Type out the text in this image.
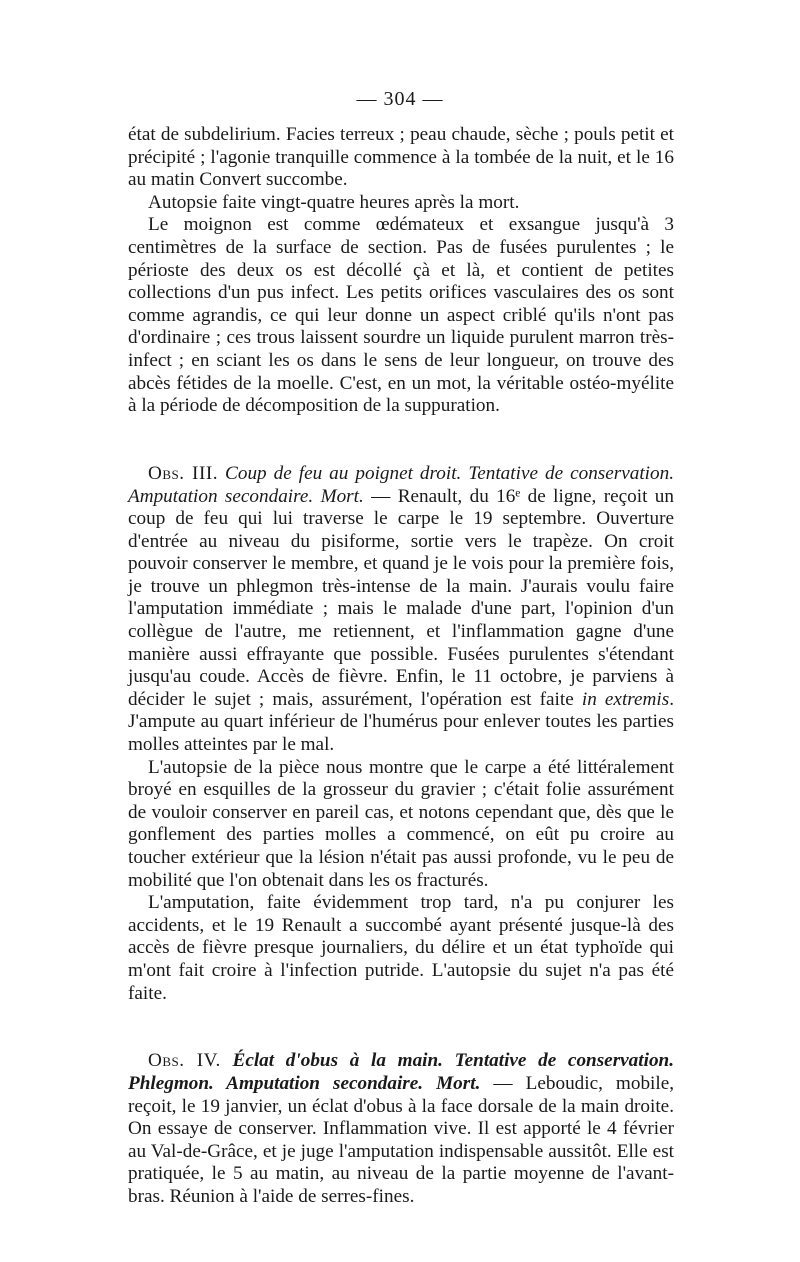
— 304 —

état de subdelirium. Facies terreux ; peau chaude, sèche ; pouls petit et précipité ; l'agonie tranquille commence à la tombée de la nuit, et le 16 au matin Convert succombe.

Autopsie faite vingt-quatre heures après la mort.

Le moignon est comme œdémateux et exsangue jusqu'à 3 centimètres de la surface de section. Pas de fusées purulentes ; le périoste des deux os est décollé çà et là, et contient de petites collections d'un pus infect. Les petits orifices vasculaires des os sont comme agrandis, ce qui leur donne un aspect criblé qu'ils n'ont pas d'ordinaire ; ces trous laissent sourdre un liquide purulent marron très-infect ; en sciant les os dans le sens de leur longueur, on trouve des abcès fétides de la moelle. C'est, en un mot, la véritable ostéo-myélite à la période de décomposition de la suppuration.

Obs. III. Coup de feu au poignet droit. Tentative de conservation. Amputation secondaire. Mort. — Renault, du 16ᵉ de ligne, reçoit un coup de feu qui lui traverse le carpe le 19 septembre. Ouverture d'entrée au niveau du pisiforme, sortie vers le trapèze. On croit pouvoir conserver le membre, et quand je le vois pour la première fois, je trouve un phlegmon très-intense de la main. J'aurais voulu faire l'amputation immédiate ; mais le malade d'une part, l'opinion d'un collègue de l'autre, me retiennent, et l'inflammation gagne d'une manière aussi effrayante que possible. Fusées purulentes s'étendant jusqu'au coude. Accès de fièvre. Enfin, le 11 octobre, je parviens à décider le sujet ; mais, assurément, l'opération est faite in extremis. J'ampute au quart inférieur de l'humérus pour enlever toutes les parties molles atteintes par le mal.

L'autopsie de la pièce nous montre que le carpe a été littéralement broyé en esquilles de la grosseur du gravier ; c'était folie assurément de vouloir conserver en pareil cas, et notons cependant que, dès que le gonflement des parties molles a commencé, on eût pu croire au toucher extérieur que la lésion n'était pas aussi profonde, vu le peu de mobilité que l'on obtenait dans les os fracturés.

L'amputation, faite évidemment trop tard, n'a pu conjurer les accidents, et le 19 Renault a succombé ayant présenté jusque-là des accès de fièvre presque journaliers, du délire et un état typhoïde qui m'ont fait croire à l'infection putride. L'autopsie du sujet n'a pas été faite.

Obs. IV. Éclat d'obus à la main. Tentative de conservation. Phlegmon. Amputation secondaire. Mort. — Leboudic, mobile, reçoit, le 19 janvier, un éclat d'obus à la face dorsale de la main droite. On essaye de conserver. Inflammation vive. Il est apporté le 4 février au Val-de-Grâce, et je juge l'amputation indispensable aussitôt. Elle est pratiquée, le 5 au matin, au niveau de la partie moyenne de l'avant-bras. Réunion à l'aide de serres-fines.
